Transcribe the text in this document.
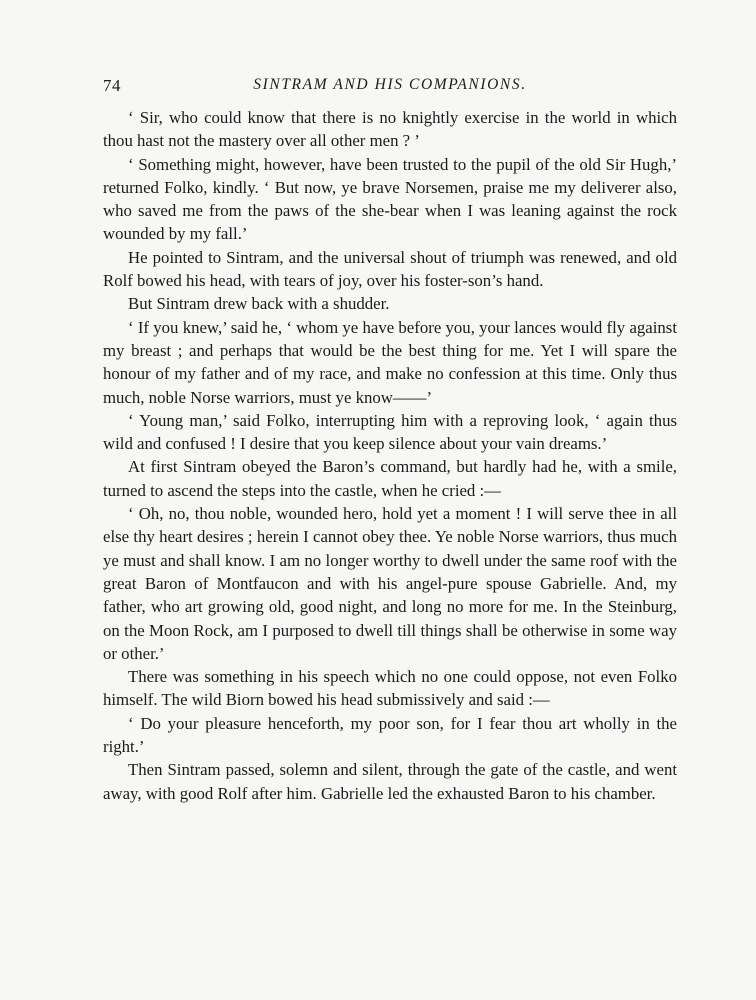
74	SINTRAM AND HIS COMPANIONS.

‘ Sir, who could know that there is no knightly exercise in the world in which thou hast not the mastery over all other men ? ’

‘ Something might, however, have been trusted to the pupil of the old Sir Hugh,’ returned Folko, kindly. ‘ But now, ye brave Norsemen, praise me my deliverer also, who saved me from the paws of the she-bear when I was leaning against the rock wounded by my fall.’

He pointed to Sintram, and the universal shout of triumph was renewed, and old Rolf bowed his head, with tears of joy, over his foster-son’s hand.

But Sintram drew back with a shudder.

‘ If you knew,’ said he, ‘ whom ye have before you, your lances would fly against my breast ; and perhaps that would be the best thing for me. Yet I will spare the honour of my father and of my race, and make no confession at this time. Only thus much, noble Norse warriors, must ye know——’

‘ Young man,’ said Folko, interrupting him with a reproving look, ‘ again thus wild and confused ! I desire that you keep silence about your vain dreams.’

At first Sintram obeyed the Baron’s command, but hardly had he, with a smile, turned to ascend the steps into the castle, when he cried :—

‘ Oh, no, thou noble, wounded hero, hold yet a moment ! I will serve thee in all else thy heart desires ; herein I cannot obey thee. Ye noble Norse warriors, thus much ye must and shall know. I am no longer worthy to dwell under the same roof with the great Baron of Montfaucon and with his angel-pure spouse Gabrielle. And, my father, who art growing old, good night, and long no more for me. In the Steinburg, on the Moon Rock, am I purposed to dwell till things shall be otherwise in some way or other.’

There was something in his speech which no one could oppose, not even Folko himself. The wild Biorn bowed his head submissively and said :—

‘ Do your pleasure henceforth, my poor son, for I fear thou art wholly in the right.’

Then Sintram passed, solemn and silent, through the gate of the castle, and went away, with good Rolf after him. Gabrielle led the exhausted Baron to his chamber.
